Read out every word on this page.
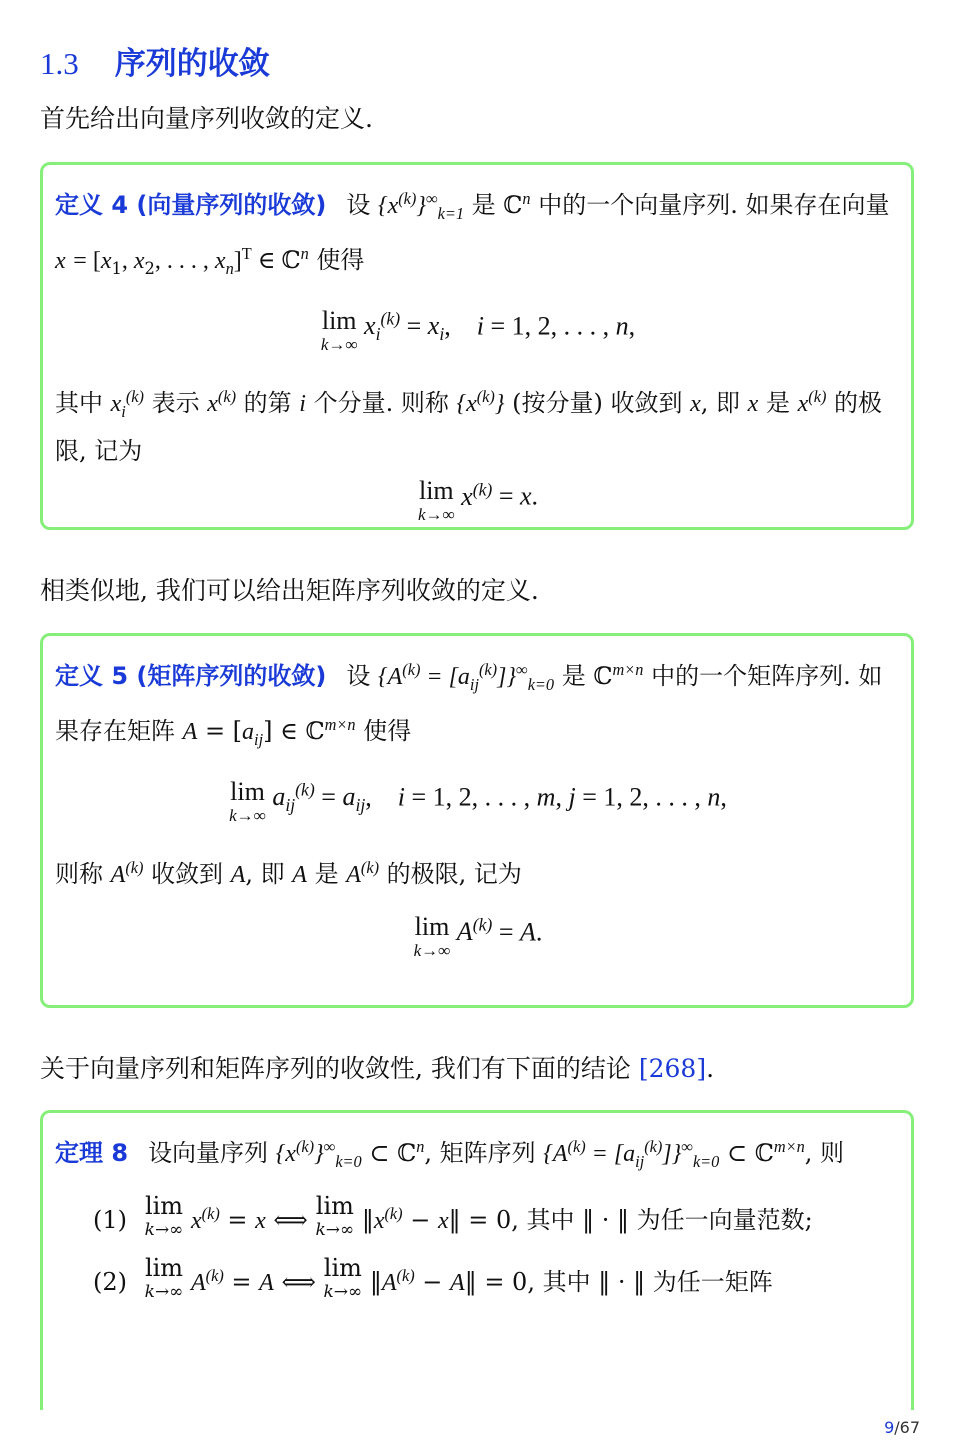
1.3 序列的收敛
首先给出向量序列收敛的定义.
定义 4 (向量序列的收敛) 设 $\{x^{(k)}\}^\infty_{k=1}$ 是 ℂ$^n$ 中的一个向量序列. 如果存在向量 $x = [x_1$, $x_2$, . . . , $x_n]^T$ ∈ ℂ$^n$ 使得
lim
k→∞
$x_i^{(k)} = x_i$,    i = 1, 2, . . . , n,
其中 $x_i^{(k)}$ 表示 $x^{(k)}$ 的第 i 个分量. 则称 $\{x^{(k)}\}$ (按分量) 收敛到 x, 即 x 是 $x^{(k)}$ 的极限, 记为
lim
k→∞
$x^{(k)} = x$.
相类似地, 我们可以给出矩阵序列收敛的定义.
定义 5 (矩阵序列的收敛) 设 $\{A^{(k)} = [a_{ij}^{(k)}]\}^\infty_{k=0}$ 是 ℂ$^{m\times n}$ 中的一个矩阵序列. 如果存在矩阵 $A = [a_{ij}]$ ∈ ℂ$^{m\times n}$ 使得
lim
k→∞
$a_{ij}^{(k)} = a_{ij}$,    i = 1, 2, . . . , m, j = 1, 2, . . . , n,
则称 $A^{(k)}$ 收敛到 A, 即 A 是 $A^{(k)}$ 的极限, 记为
lim
k→∞
$A^{(k)} = A$.
关于向量序列和矩阵序列的收敛性, 我们有下面的结论 [268].
定理 8 设向量序列 $\{x^{(k)}\}^\infty_{k=0}$ ⊂ ℂ$^n$, 矩阵序列 $\{A^{(k)} = [a_{ij}^{(k)}]\}^\infty_{k=0}$ ⊂ ℂ$^{m\times n}$, 则
(1) lim
k→∞ $x^{(k)} = x$ ⟺ lim
k→∞ $‖x^{(k)}$ − x‖ = 0, 其中 ‖ · ‖ 为任一向量范数;
(2) lim
k→∞ $A^{(k)} = A$ ⟺ lim
k→∞ $‖A^{(k)}$ − A‖ = 0, 其中 ‖ · ‖ 为任一矩阵
9/67
